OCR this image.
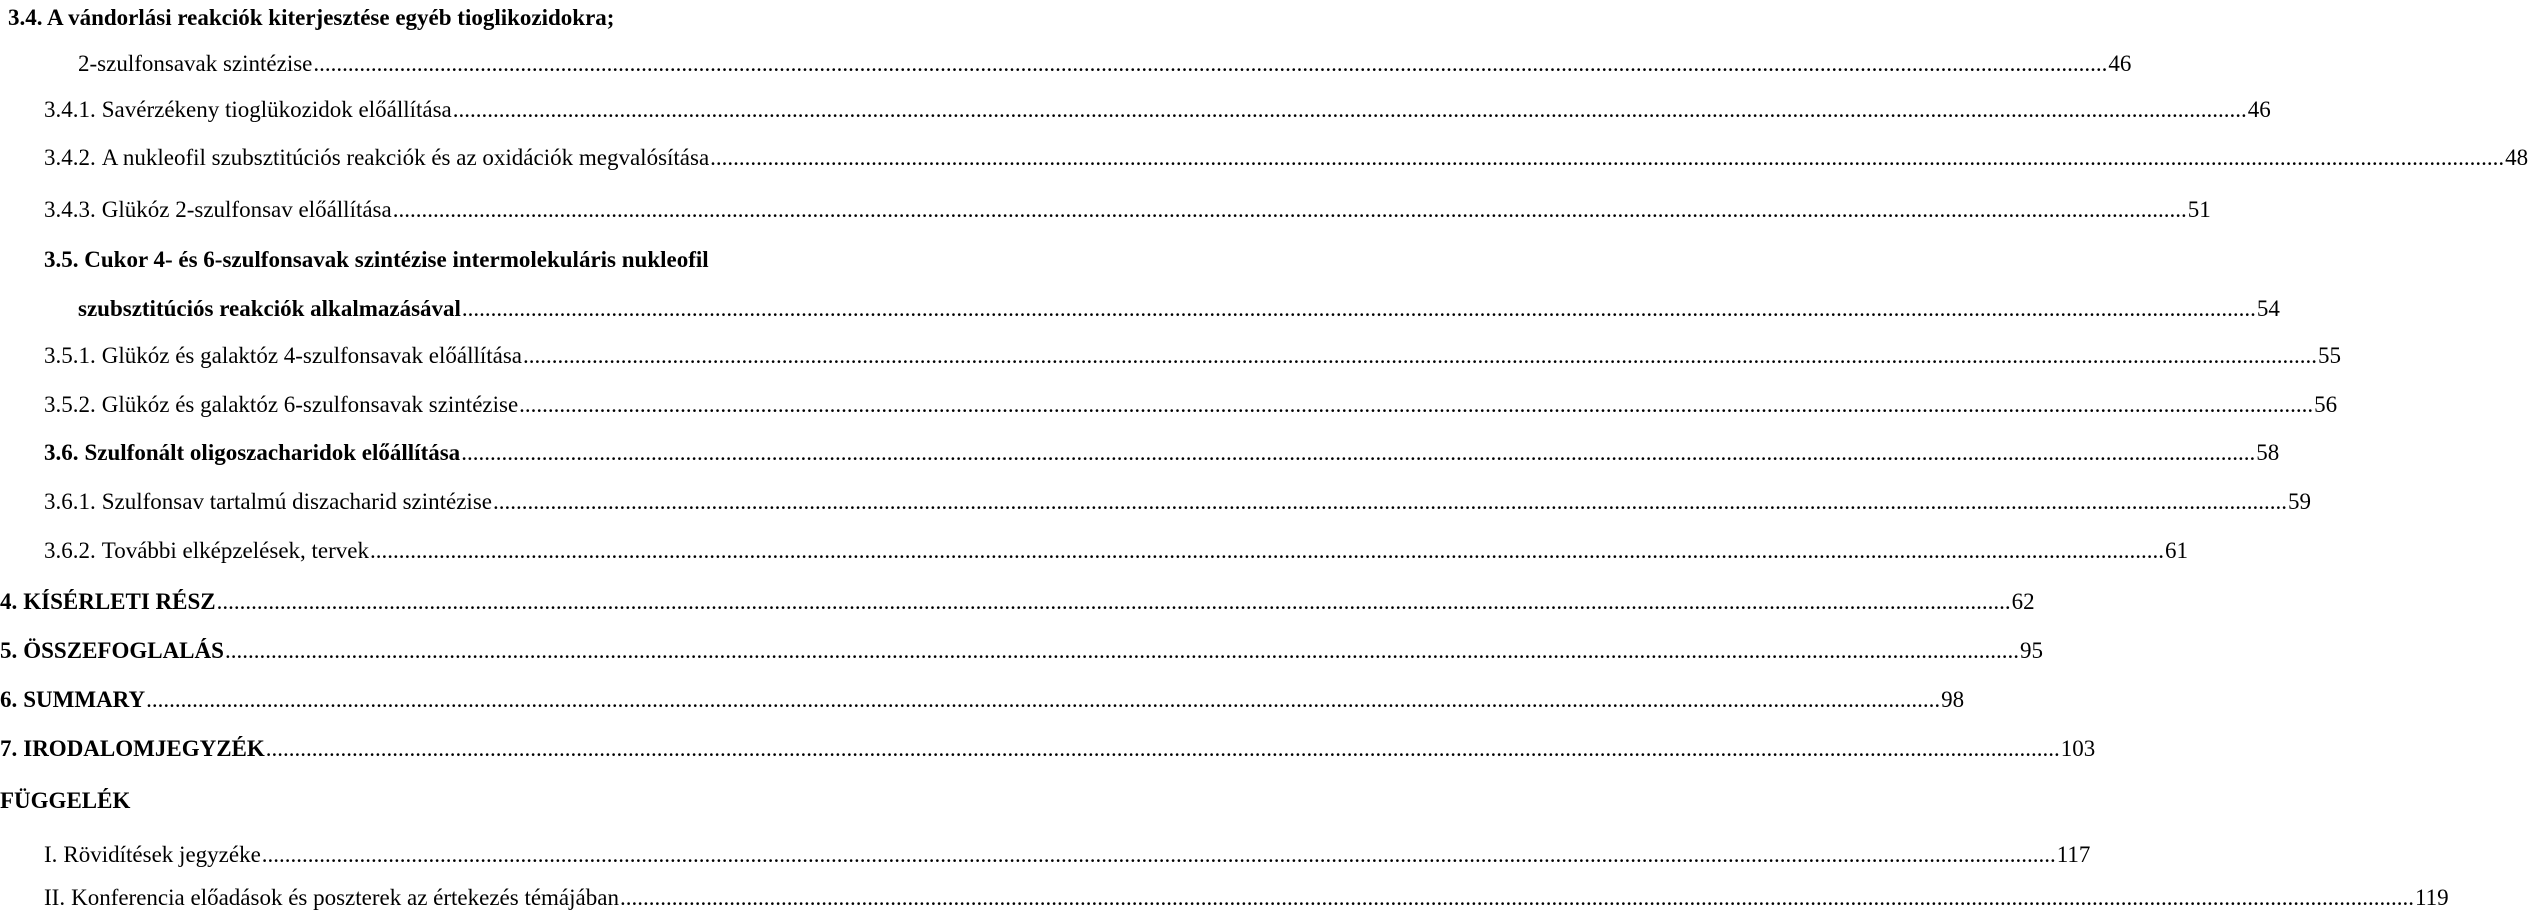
3.4. A vándorlási reakciók kiterjesztése egyéb tioglikozidokra;
2-szulfonsavak szintézise .....	46
3.4.1. Savérzékeny tioglükozidok előállítása .....	46
3.4.2. A nukleofil szubsztitúciós reakciók és az oxidációk megvalósítása .....	48
3.4.3. Glükóz 2-szulfonsav előállítása .....	51
3.5. Cukor 4- és 6-szulfonsavak szintézise intermolekuláris nukleofil
szubsztitúciós reakciók alkalmazásával .....	54
3.5.1. Glükóz és galaktóz 4-szulfonsavak előállítása .....	55
3.5.2. Glükóz és galaktóz 6-szulfonsavak szintézise .....	56
3.6. Szulfonált oligoszacharidok előállítása .....	58
3.6.1. Szulfonsav tartalmú diszacharid szintézise .....	59
3.6.2. További elképzelések, tervek .....	61
4. KÍSÉRLETI RÉSZ .....	62
5. ÖSSZEFOGLALÁS .....	95
6. SUMMARY .....	98
7. IRODALOMJEGYZÉK .....	103
FÜGGELÉK
I. Rövidítések jegyzéke .....	117
II. Konferencia előadások és poszterek az értekezés témájában .....	119
